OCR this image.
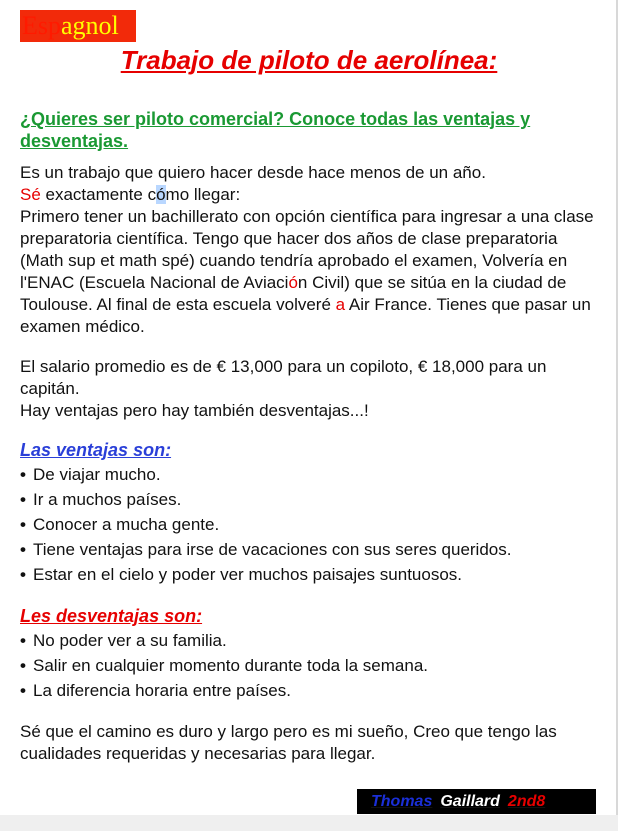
Espagnol
Trabajo de piloto de aerolínea:
¿Quieres ser piloto comercial? Conoce todas las ventajas y desventajas.
Es un trabajo que quiero hacer desde hace menos de un año.
Sé exactamente cómo llegar:
Primero tener un bachillerato con opción científica para ingresar a una clase preparatoria científica. Tengo que hacer dos años de clase preparatoria (Math sup et math spé) cuando tendría aprobado el examen, Volvería en l'ENAC (Escuela Nacional de Aviación Civil) que se sitúa en la ciudad de Toulouse. Al final de esta escuela volveré a Air France. Tienes que pasar un examen médico.
El salario promedio es de € 13,000 para un copiloto, € 18,000 para un capitán.
Hay ventajas pero hay también desventajas...!
Las ventajas son:
• De viajar mucho.
• Ir a muchos países.
• Conocer a mucha gente.
• Tiene ventajas para irse de vacaciones con sus seres queridos.
• Estar en el cielo y poder ver muchos paisajes suntuosos.
Les desventajas son:
• No poder ver a su familia.
• Salir en cualquier momento durante toda la semana.
• La diferencia horaria entre países.
Sé que el camino es duro y largo pero es mi sueño, Creo que tengo las cualidades requeridas y necesarias para llegar.
Thomas Gaillard 2nd8
